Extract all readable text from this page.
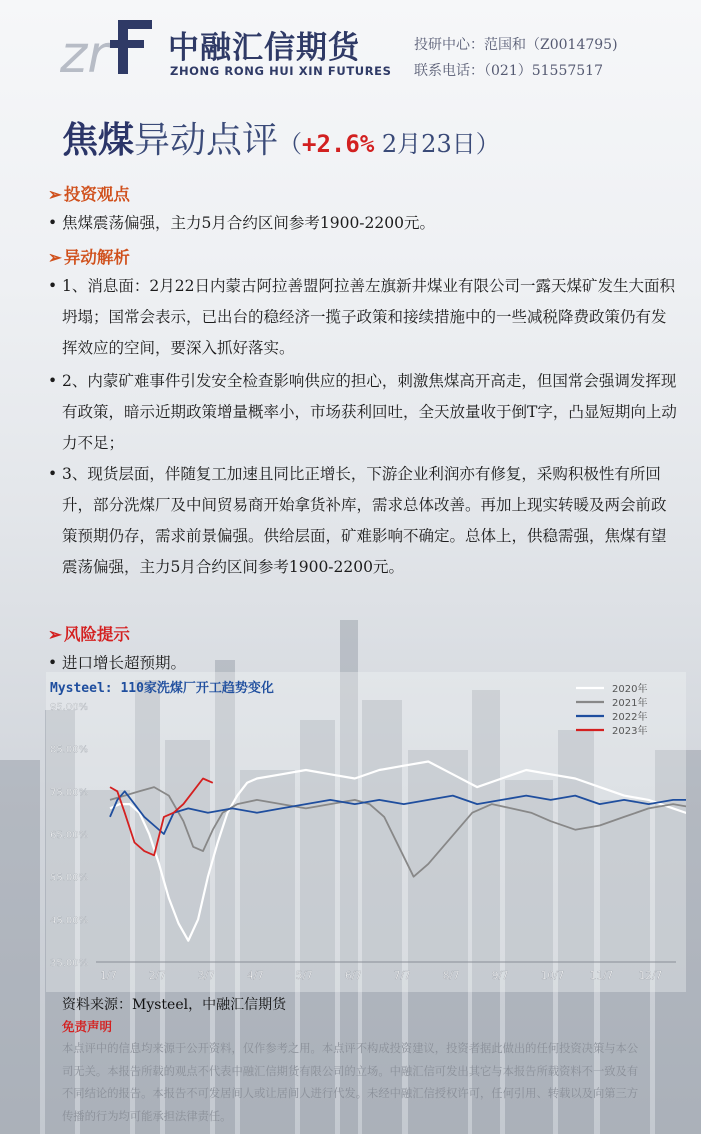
zr 中融汇信期货
ZHONG RONG HUI XIN FUTURES
投研中心：范国和（Z0014795)
联系电话：（021）51557517
焦煤异动点评（+2.6% 2月23日）
➢ 投资观点
• 焦煤震荡偏强，主力5月合约区间参考1900-2200元。
➢ 异动解析
• 1、消息面：2月22日内蒙古阿拉善盟阿拉善左旗新井煤业有限公司一露天煤矿发生大面积坍塌；国常会表示，已出台的稳经济一揽子政策和接续措施中的一些减税降费政策仍有发挥效应的空间，要深入抓好落实。
• 2、内蒙矿难事件引发安全检查影响供应的担心，刺激焦煤高开高走，但国常会强调发挥现有政策，暗示近期政策增量概率小，市场获利回吐，全天放量收于倒T字，凸显短期向上动力不足；
• 3、现货层面，伴随复工加速且同比正增长，下游企业利润亦有修复，采购积极性有所回升，部分洗煤厂及中间贸易商开始拿货补库，需求总体改善。再加上现实转暖及两会前政策预期仍存，需求前景偏强。供给层面，矿难影响不确定。总体上，供稳需强，焦煤有望震荡偏强，主力5月合约区间参考1900-2200元。
➢ 风险提示
• 进口增长超预期。
Mysteel: 110家洗煤厂开工趋势变化
95.00%
85.00%
75.00%
65.00%
55.00%
45.00%
35.00%
1/7	2/7	3/7	4/7	5/7	6/7	7/7	8/7	9/7	10/7 11/7 12/7
2020年
2021年
2022年
2023年
资料来源：Mysteel，中融汇信期货
免责声明
本点评中的信息均来源于公开资料，仅作参考之用。本点评不构成投资建议，投资者据此做出的任何投资决策与本公司无关。本报告所载的观点不代表中融汇信期货有限公司的立场。中融汇信可发出其它与本报告所载资料不一致及有不同结论的报告。本报告不可发居间人或让居间人进行代发。未经中融汇信授权许可，任何引用、转载以及向第三方传播的行为均可能承担法律责任。
